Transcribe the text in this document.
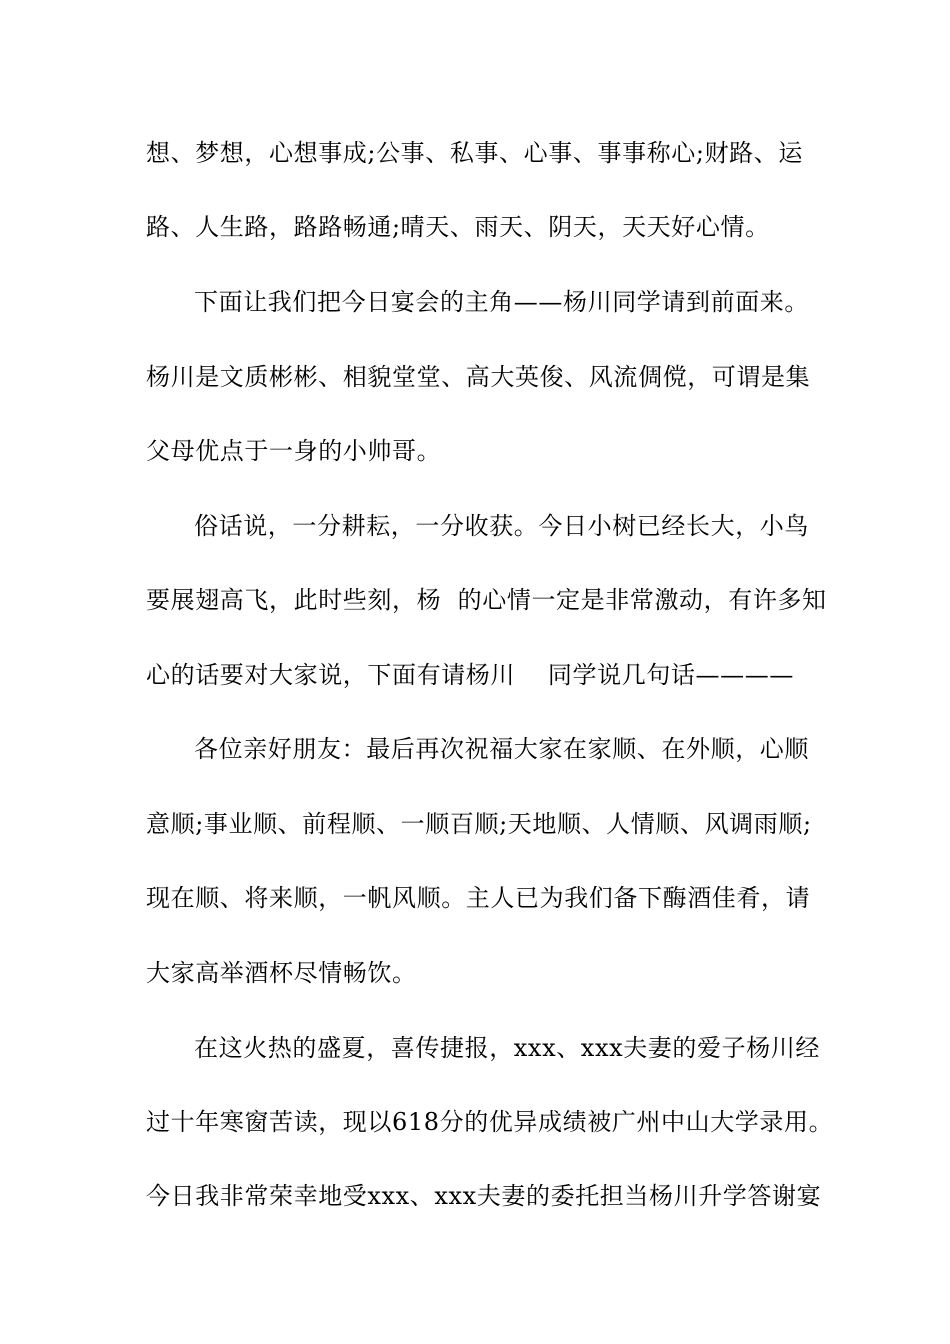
想、梦想，心想事成;公事、私事、心事、事事称心;财路、运
路、人生路，路路畅通;晴天、雨天、阴天，天天好心情。
下面让我们把今日宴会的主角——杨川同学请到前面来。
杨川是文质彬彬、相貌堂堂、高大英俊、风流倜傥，可谓是集
父母优点于一身的小帅哥。
俗话说，一分耕耘，一分收获。今日小树已经长大，小鸟
要展翅高飞，此时些刻，杨  的心情一定是非常激动，有许多知
心的话要对大家说，下面有请杨川    同学说几句话————
各位亲好朋友：最后再次祝福大家在家顺、在外顺，心顺
意顺;事业顺、前程顺、一顺百顺;天地顺、人情顺、风调雨顺;
现在顺、将来顺，一帆风顺。主人已为我们备下酶酒佳肴，请
大家高举酒杯尽情畅饮。
在这火热的盛夏，喜传捷报，xxx、xxx夫妻的爱子杨川经
过十年寒窗苦读，现以618分的优异成绩被广州中山大学录用。
今日我非常荣幸地受xxx、xxx夫妻的委托担当杨川升学答谢宴
